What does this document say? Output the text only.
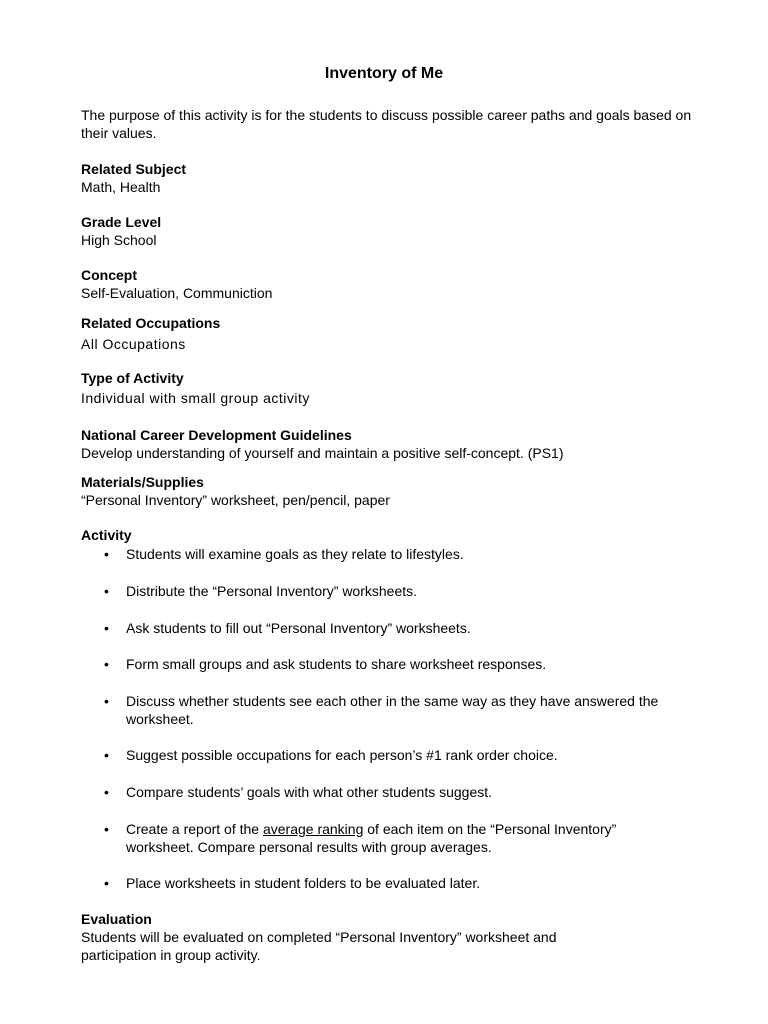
Inventory of Me
The purpose of this activity is for the students to discuss possible career paths and goals based on their values.
Related Subject
Math, Health
Grade Level
High School
Concept
Self-Evaluation, Communiction
Related Occupations
All Occupations
Type of Activity
Individual with small group activity
National Career Development Guidelines
Develop understanding of yourself and maintain a positive self-concept. (PS1)
Materials/Supplies
“Personal Inventory” worksheet, pen/pencil, paper
Activity
•	Students will examine goals as they relate to lifestyles.
•	Distribute the “Personal Inventory” worksheets.
•	Ask students to fill out “Personal Inventory” worksheets.
•	Form small groups and ask students to share worksheet responses.
•	Discuss whether students see each other in the same way as they have answered the worksheet.
•	Suggest possible occupations for each person’s #1 rank order choice.
•	Compare students’ goals with what other students suggest.
•	Create a report of the average ranking of each item on the “Personal Inventory” worksheet. Compare personal results with group averages.
•	Place worksheets in student folders to be evaluated later.
Evaluation
Students will be evaluated on completed “Personal Inventory” worksheet and participation in group activity.
